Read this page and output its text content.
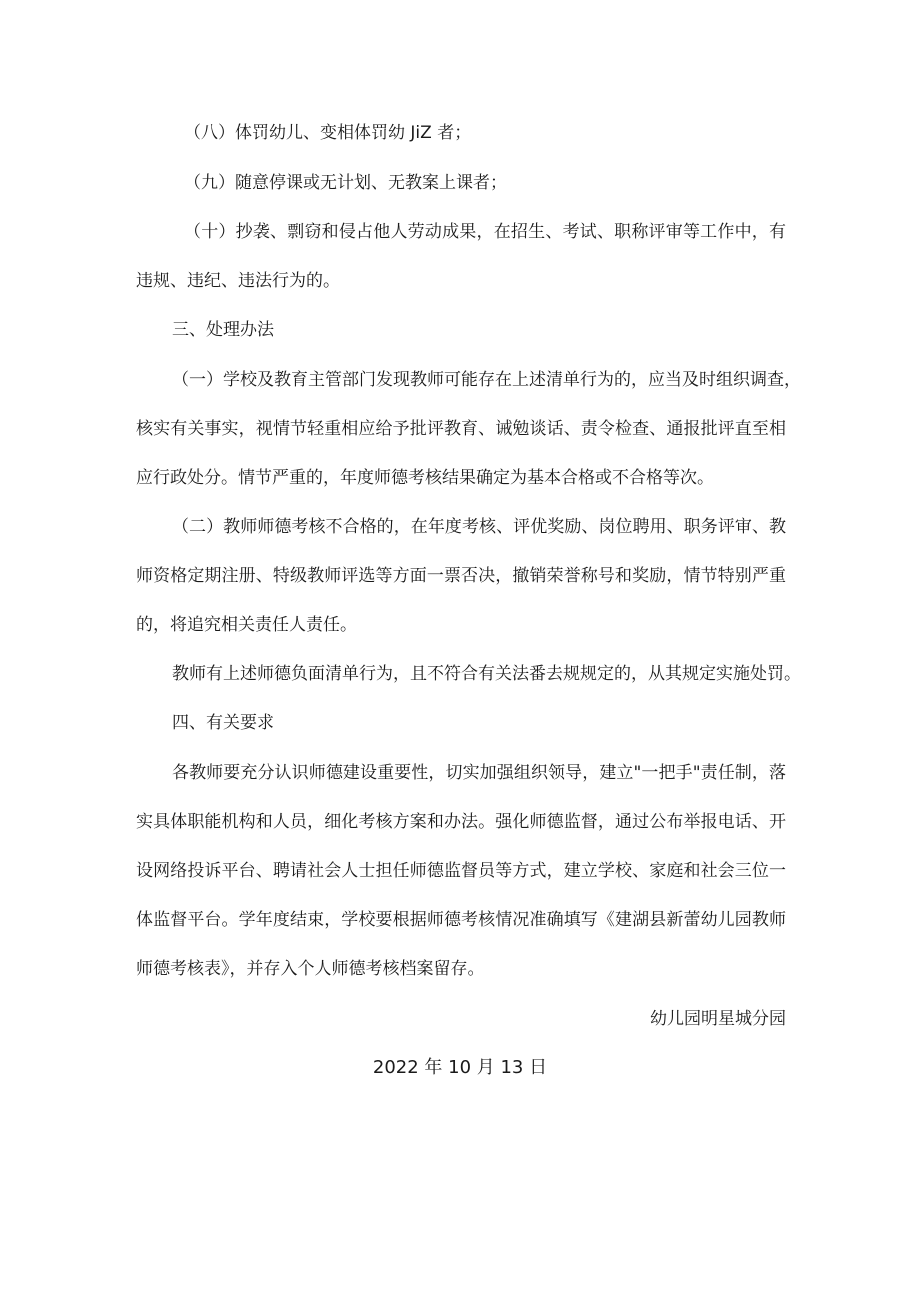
（八）体罚幼儿、变相体罚幼 JiZ 者；
（九）随意停课或无计划、无教案上课者；
（十）抄袭、剽窃和侵占他人劳动成果，在招生、考试、职称评审等工作中，有
违规、违纪、违法行为的。
三、处理办法
（一）学校及教育主管部门发现教师可能存在上述清单行为的，应当及时组织调查，
核实有关事实，视情节轻重相应给予批评教育、诫勉谈话、责令检查、通报批评直至相
应行政处分。情节严重的，年度师德考核结果确定为基本合格或不合格等次。
（二）教师师德考核不合格的，在年度考核、评优奖励、岗位聘用、职务评审、教
师资格定期注册、特级教师评选等方面一票否决，撤销荣誉称号和奖励，情节特别严重
的，将追究相关责任人责任。
教师有上述师德负面清单行为，且不符合有关法番去规规定的，从其规定实施处罚。
四、有关要求
各教师要充分认识师德建设重要性，切实加强组织领导，建立"一把手"责任制，落
实具体职能机构和人员，细化考核方案和办法。强化师德监督，通过公布举报电话、开
设网络投诉平台、聘请社会人士担任师德监督员等方式，建立学校、家庭和社会三位一
体监督平台。学年度结束，学校要根据师德考核情况准确填写《建湖县新蕾幼儿园教师
师德考核表》，并存入个人师德考核档案留存。
幼儿园明星城分园
2022 年 10 月 13 日
